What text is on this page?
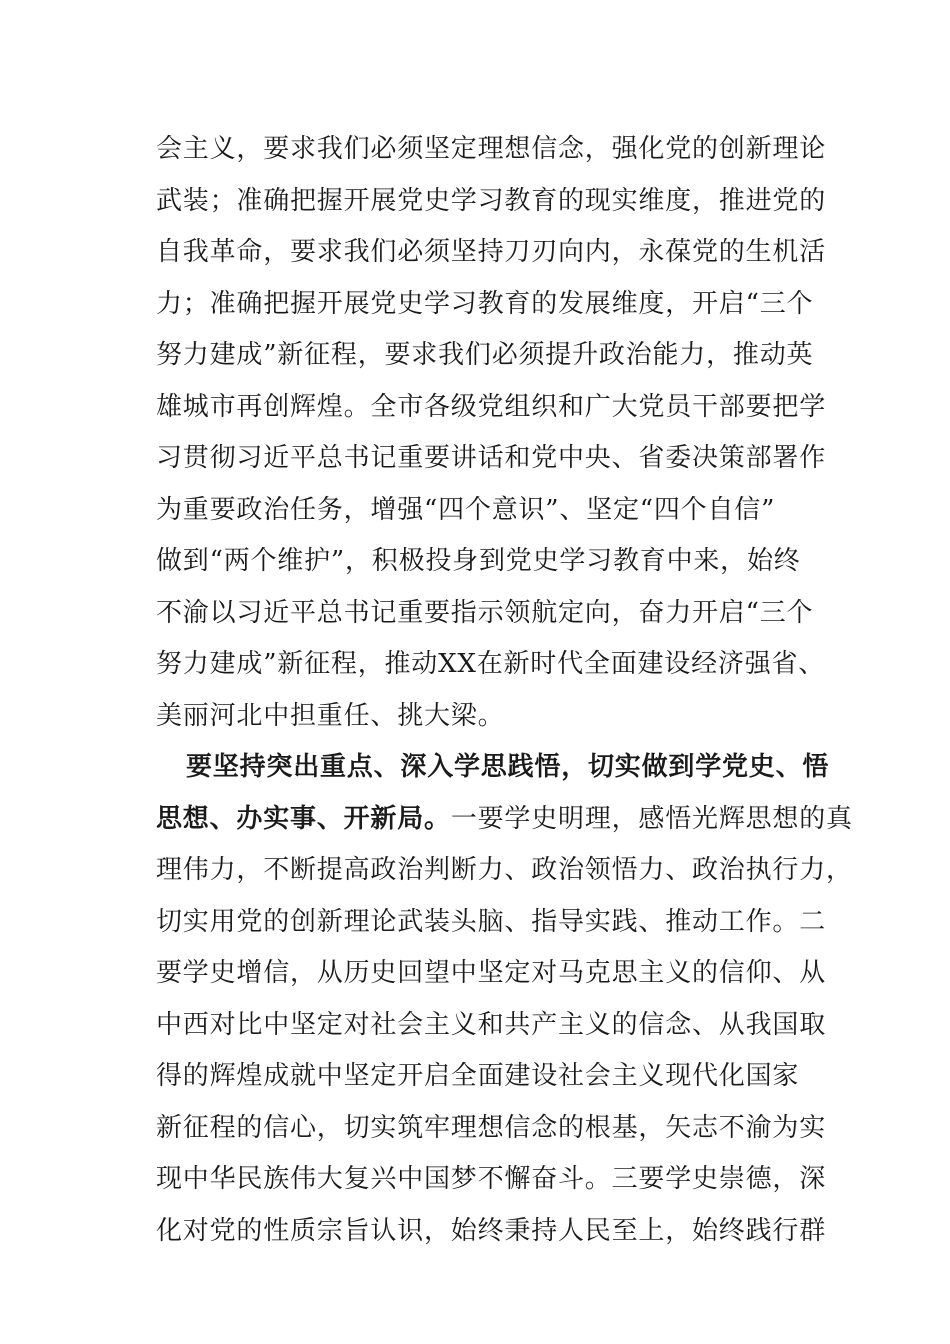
会主义，要求我们必须坚定理想信念，强化党的创新理论
武装；准确把握开展党史学习教育的现实维度，推进党的
自我革命，要求我们必须坚持刀刃向内，永葆党的生机活
力；准确把握开展党史学习教育的发展维度，开启“三个
努力建成”新征程，要求我们必须提升政治能力，推动英
雄城市再创辉煌。全市各级党组织和广大党员干部要把学
习贯彻习近平总书记重要讲话和党中央、省委决策部署作
为重要政治任务，增强“四个意识”、坚定“四个自信”
做到“两个维护”，积极投身到党史学习教育中来，始终
不渝以习近平总书记重要指示领航定向，奋力开启“三个
努力建成”新征程，推动XX在新时代全面建设经济强省、
美丽河北中担重任、挑大梁。
要坚持突出重点、深入学思践悟，切实做到学党史、悟
思想、办实事、开新局。一要学史明理，感悟光辉思想的真
理伟力，不断提高政治判断力、政治领悟力、政治执行力，
切实用党的创新理论武装头脑、指导实践、推动工作。二
要学史增信，从历史回望中坚定对马克思主义的信仰、从
中西对比中坚定对社会主义和共产主义的信念、从我国取
得的辉煌成就中坚定开启全面建设社会主义现代化国家
新征程的信心，切实筑牢理想信念的根基，矢志不渝为实
现中华民族伟大复兴中国梦不懈奋斗。三要学史崇德，深
化对党的性质宗旨认识，始终秉持人民至上，始终践行群
